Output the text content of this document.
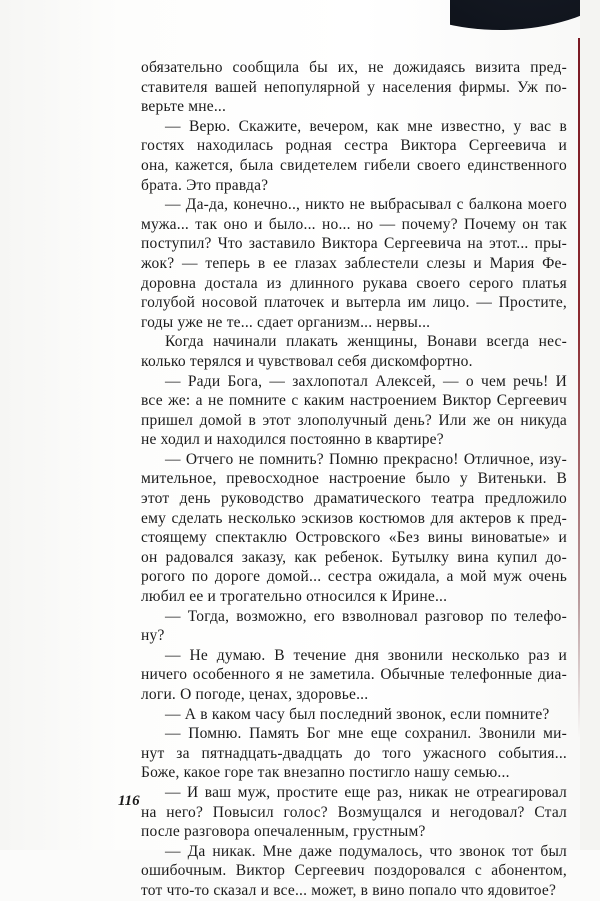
обязательно сообщила бы их, не дожидаясь визита пред-
ставителя вашей непопулярной у населения фирмы. Уж по-
верьте мне...
— Верю. Скажите, вечером, как мне известно, у вас в
гостях находилась родная сестра Виктора Сергеевича и
она, кажется, была свидетелем гибели своего единственного
брата. Это правда?
— Да-да, конечно.., никто не выбрасывал с балкона моего
мужа... так оно и было... но... но — почему? Почему он так
поступил? Что заставило Виктора Сергеевича на этот... пры-
жок? — теперь в ее глазах заблестели слезы и Мария Фе-
доровна достала из длинного рукава своего серого платья
голубой носовой платочек и вытерла им лицо. — Простите,
годы уже не те... сдает организм... нервы...
Когда начинали плакать женщины, Вонави всегда нес-
колько терялся и чувствовал себя дискомфортно.
— Ради Бога, — захлопотал Алексей, — о чем речь! И
все же: а не помните с каким настроением Виктор Сергеевич
пришел домой в этот злополучный день? Или же он никуда
не ходил и находился постоянно в квартире?
— Отчего не помнить? Помню прекрасно! Отличное, изу-
мительное, превосходное настроение было у Витеньки. В
этот день руководство драматического театра предложило
ему сделать несколько эскизов костюмов для актеров к пред-
стоящему спектаклю Островского «Без вины виноватые» и
он радовался заказу, как ребенок. Бутылку вина купил до-
рогого по дороге домой... сестра ожидала, а мой муж очень
любил ее и трогательно относился к Ирине...
— Тогда, возможно, его взволновал разговор по телефо-
ну?
— Не думаю. В течение дня звонили несколько раз и
ничего особенного я не заметила. Обычные телефонные диа-
логи. О погоде, ценах, здоровье...
— А в каком часу был последний звонок, если помните?
— Помню. Память Бог мне еще сохранил. Звонили ми-
нут за пятнадцать-двадцать до того ужасного события...
Боже, какое горе так внезапно постигло нашу семью...
— И ваш муж, простите еще раз, никак не отреагировал
на него? Повысил голос? Возмущался и негодовал? Стал
после разговора опечаленным, грустным?
— Да никак. Мне даже подумалось, что звонок тот был
ошибочным. Виктор Сергеевич поздоровался с абонентом,
тот что-то сказал и все... может, в вино попало что ядовитое?
116
